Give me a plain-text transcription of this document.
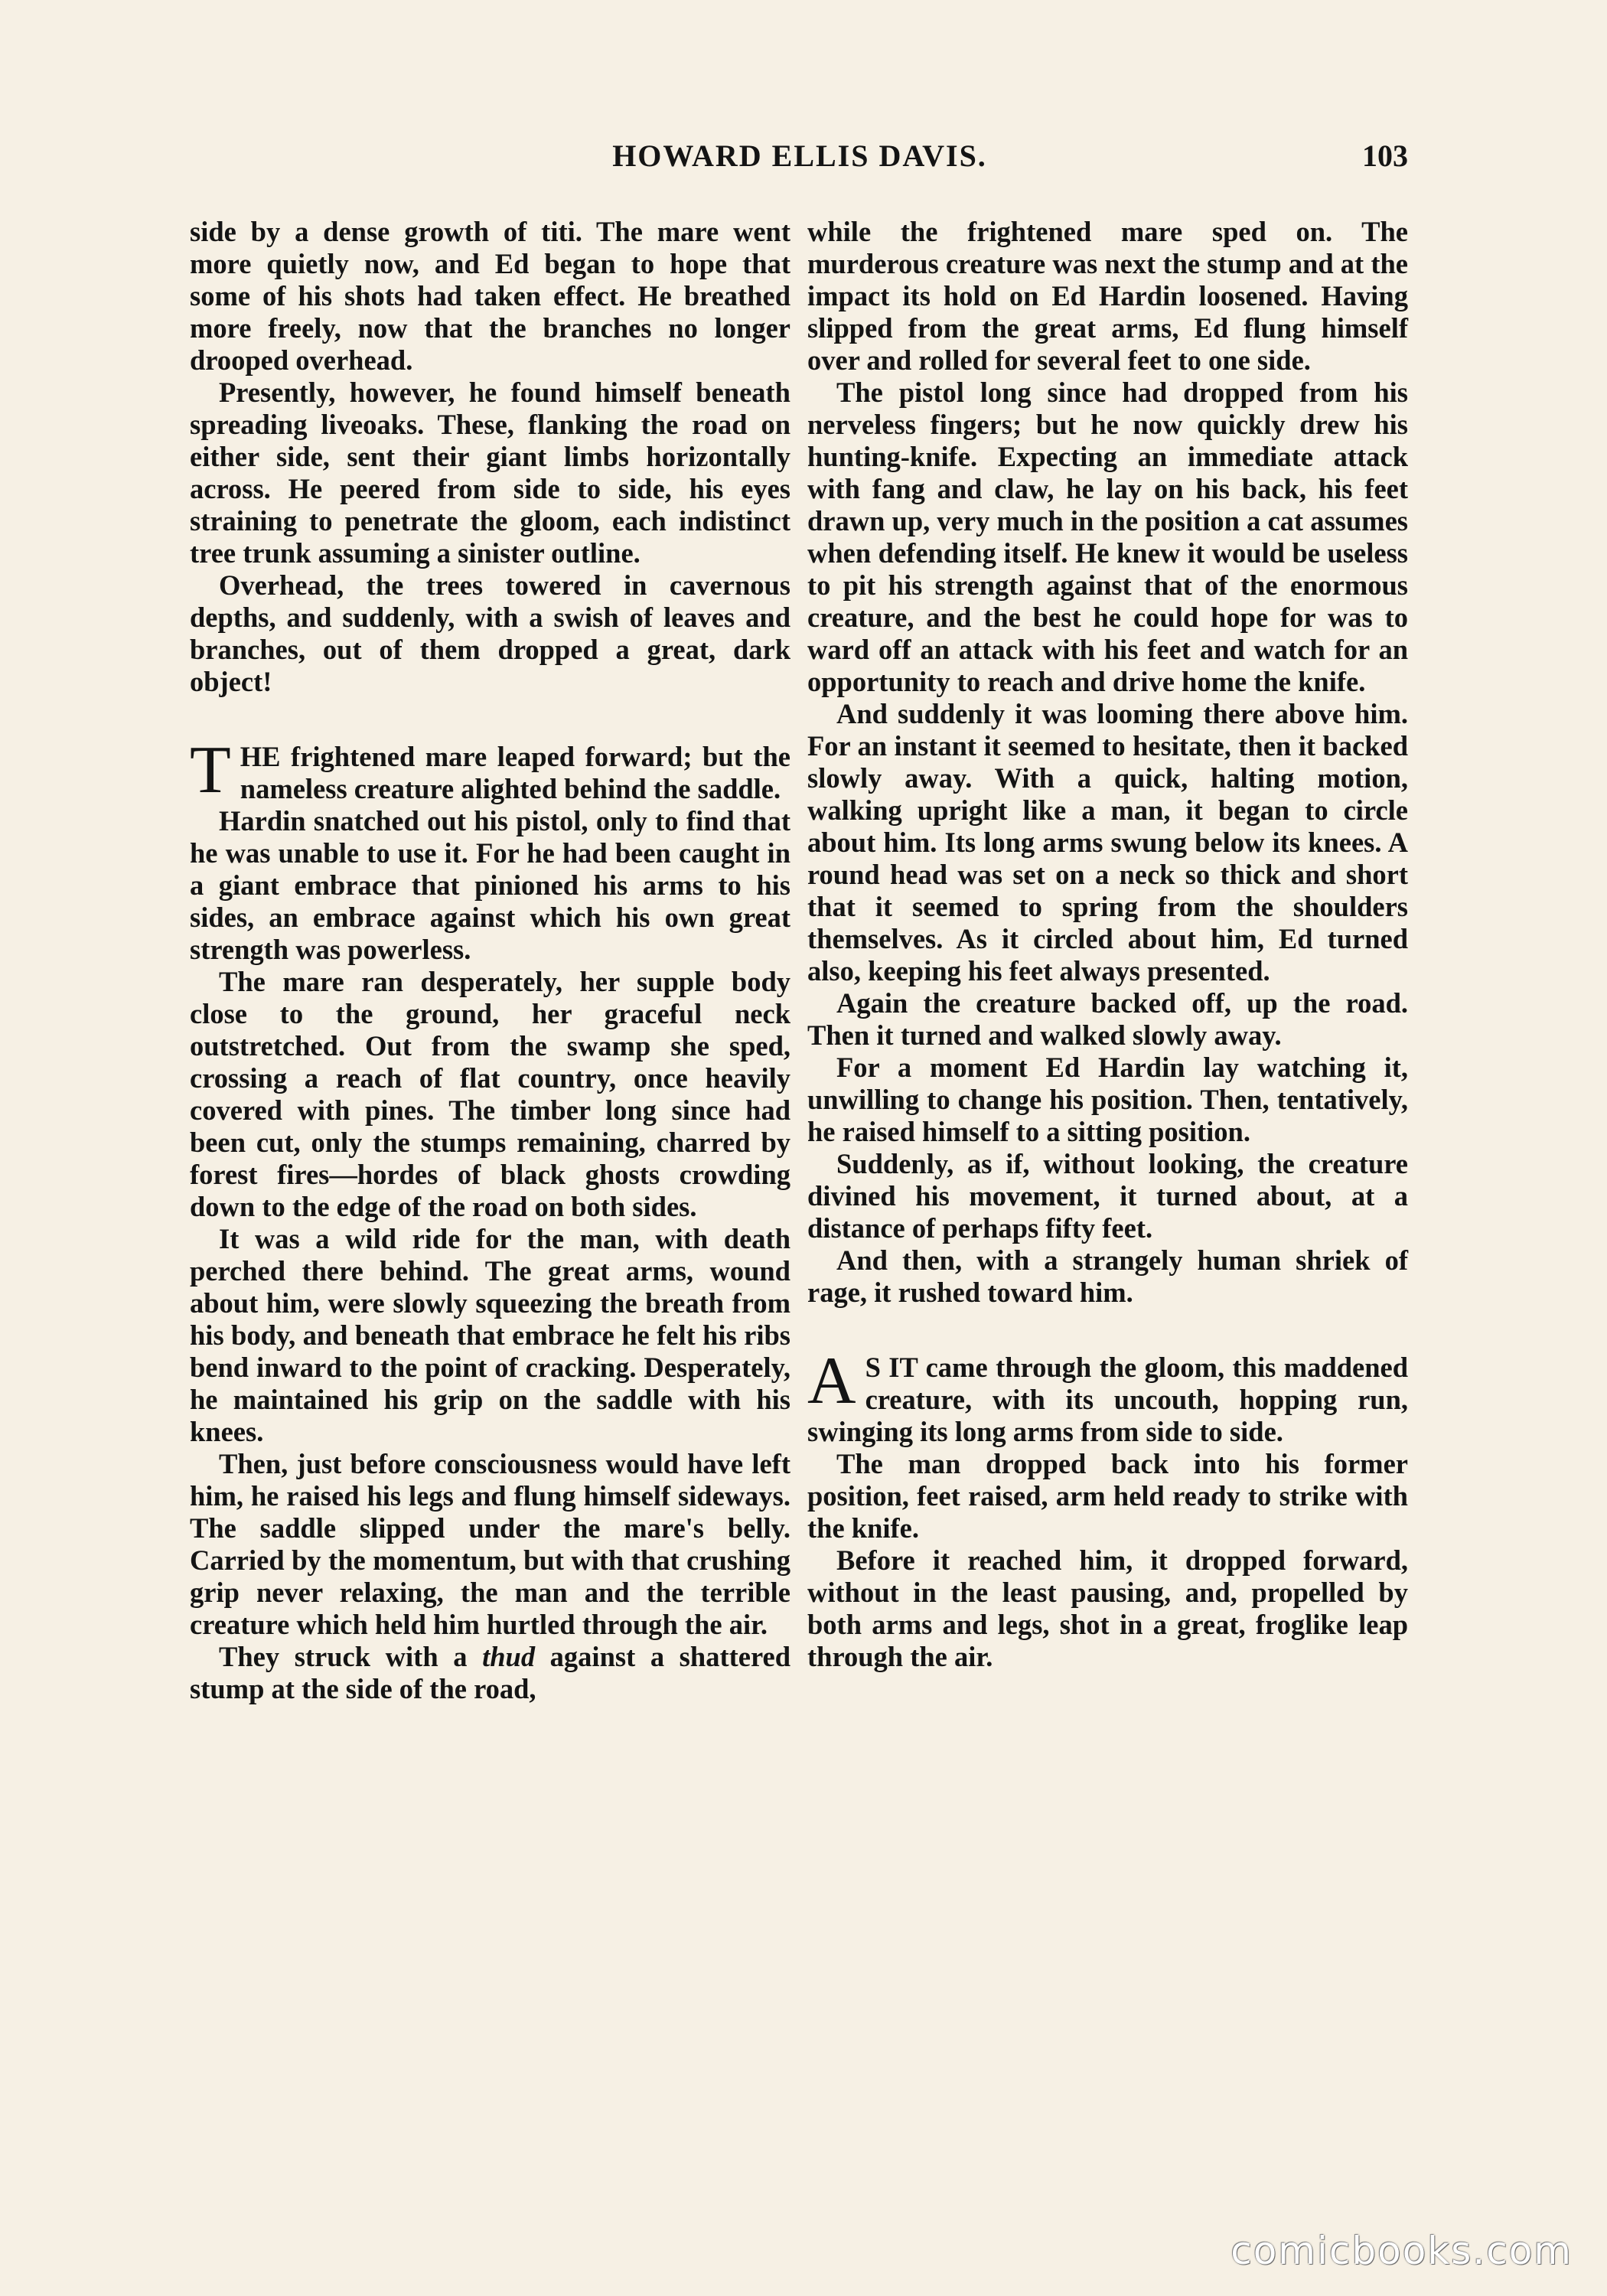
HOWARD ELLIS DAVIS.	103

side by a dense growth of titi. The mare went more quietly now, and Ed began to hope that some of his shots had taken effect. He breathed more freely, now that the branches no longer drooped overhead.

Presently, however, he found himself beneath spreading liveoaks. These, flanking the road on either side, sent their giant limbs horizontally across. He peered from side to side, his eyes straining to penetrate the gloom, each indistinct tree trunk assuming a sinister outline.

Overhead, the trees towered in cavernous depths, and suddenly, with a swish of leaves and branches, out of them dropped a great, dark object!

THE frightened mare leaped forward; but the nameless creature alighted behind the saddle.

Hardin snatched out his pistol, only to find that he was unable to use it. For he had been caught in a giant embrace that pinioned his arms to his sides, an embrace against which his own great strength was powerless.

The mare ran desperately, her supple body close to the ground, her graceful neck outstretched. Out from the swamp she sped, crossing a reach of flat country, once heavily covered with pines. The timber long since had been cut, only the stumps remaining, charred by forest fires—hordes of black ghosts crowding down to the edge of the road on both sides.

It was a wild ride for the man, with death perched there behind. The great arms, wound about him, were slowly squeezing the breath from his body, and beneath that embrace he felt his ribs bend inward to the point of cracking. Desperately, he maintained his grip on the saddle with his knees.

Then, just before consciousness would have left him, he raised his legs and flung himself sideways. The saddle slipped under the mare's belly. Carried by the momentum, but with that crushing grip never relaxing, the man and the terrible creature which held him hurtled through the air.

They struck with a thud against a shattered stump at the side of the road,

while the frightened mare sped on. The murderous creature was next the stump and at the impact its hold on Ed Hardin loosened. Having slipped from the great arms, Ed flung himself over and rolled for several feet to one side.

The pistol long since had dropped from his nerveless fingers; but he now quickly drew his hunting-knife. Expecting an immediate attack with fang and claw, he lay on his back, his feet drawn up, very much in the position a cat assumes when defending itself. He knew it would be useless to pit his strength against that of the enormous creature, and the best he could hope for was to ward off an attack with his feet and watch for an opportunity to reach and drive home the knife.

And suddenly it was looming there above him. For an instant it seemed to hesitate, then it backed slowly away. With a quick, halting motion, walking upright like a man, it began to circle about him. Its long arms swung below its knees. A round head was set on a neck so thick and short that it seemed to spring from the shoulders themselves. As it circled about him, Ed turned also, keeping his feet always presented.

Again the creature backed off, up the road. Then it turned and walked slowly away.

For a moment Ed Hardin lay watching it, unwilling to change his position. Then, tentatively, he raised himself to a sitting position.

Suddenly, as if, without looking, the creature divined his movement, it turned about, at a distance of perhaps fifty feet.

And then, with a strangely human shriek of rage, it rushed toward him.

A S IT came through the gloom, this maddened creature, with its uncouth, hopping run, swinging its long arms from side to side.

The man dropped back into his former position, feet raised, arm held ready to strike with the knife.

Before it reached him, it dropped forward, without in the least pausing, and, propelled by both arms and legs, shot in a great, froglike leap through the air.

comicbooks.com
